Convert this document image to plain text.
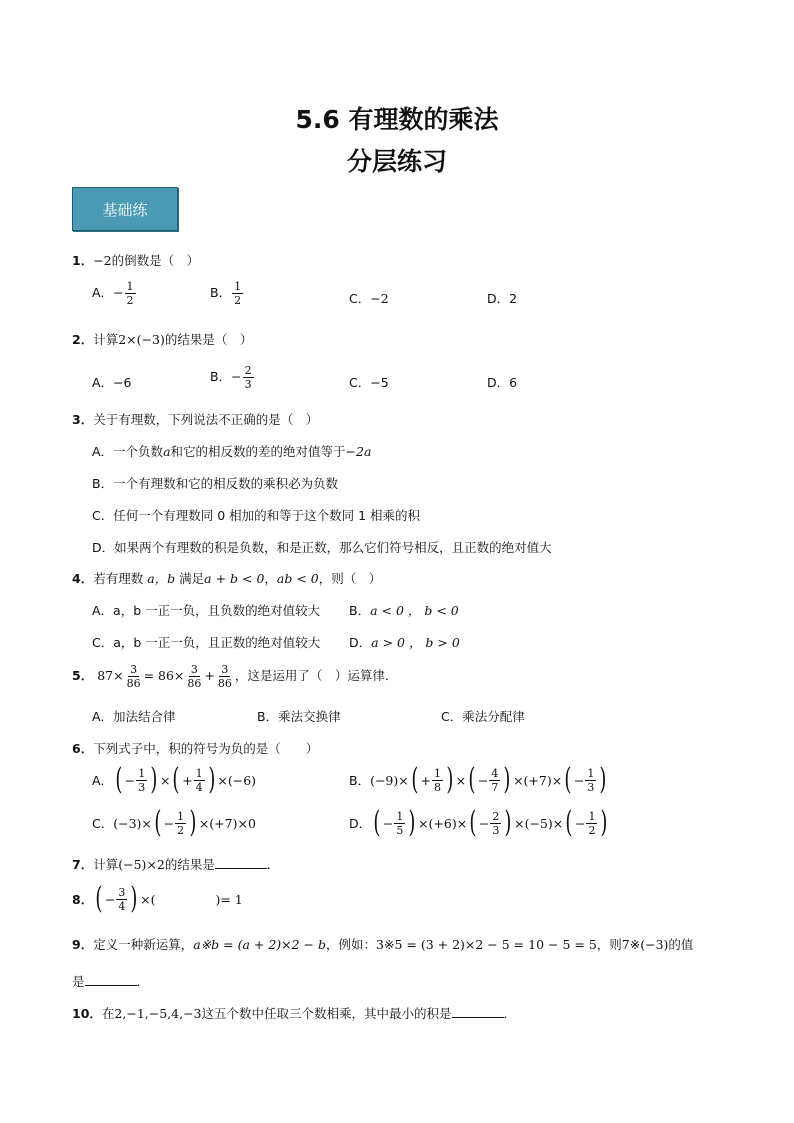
5.6 有理数的乘法
分层练习
基础练
1．−2的倒数是（　）
A．− $\frac{1}{2}$	B． $\frac{1}{2}$	C．−2	D．2
2．计算2×(−3)的结果是（　）
A．−6	B．− $\frac{2}{3}$	C．−5	D．6
3．关于有理数，下列说法不正确的是（　）
A．一个负数a和它的相反数的差的绝对值等于−2a
B．一个有理数和它的相反数的乘积必为负数
C．任何一个有理数同 0 相加的和等于这个数同 1 相乘的积
D．如果两个有理数的积是负数，和是正数，那么它们符号相反，且正数的绝对值大
4．若有理数 a，b 满足a + b < 0，ab < 0，则（　）
A．a，b 一正一负，且负数的绝对值较大 B．a < 0 ， b < 0
C．a，b 一正一负，且正数的绝对值较大 D．a > 0 ， b > 0
5． $87\times \frac{3}{86} = 86\times \frac{3}{86} + \frac{3}{86}$ ，这是运用了（　）运算律．
A．加法结合律	B．乘法交换律	C．乘法分配律
6．下列式子中，积的符号为负的是（　　）
A． ( − $\frac{1}{3}$ ) × ( + $\frac{1}{4}$ ) ×(−6)	B． (−9)× ( + $\frac{1}{8}$ ) × ( − $\frac{4}{7}$ ) ×(+7)× ( − $\frac{1}{3}$ )
C． (−3)× ( − $\frac{1}{2}$ ) ×(+7)×0	D． ( − $\frac{1}{5}$ ) ×(+6)× ( − $\frac{2}{3}$ ) ×(−5)× ( − $\frac{1}{2}$ )
7．计算(−5)×2的结果是	．
8． ( − $\frac{3}{4}$ ) ×(	)= 1
9．定义一种新运算，a※b = (a + 2)×2 − b，例如：3※5 = (3 + 2)×2 − 5 = 10 − 5 = 5，则7※(−3)的值
是	．
10．在2,−1,−5,4,−3这五个数中任取三个数相乘，其中最小的积是	．
